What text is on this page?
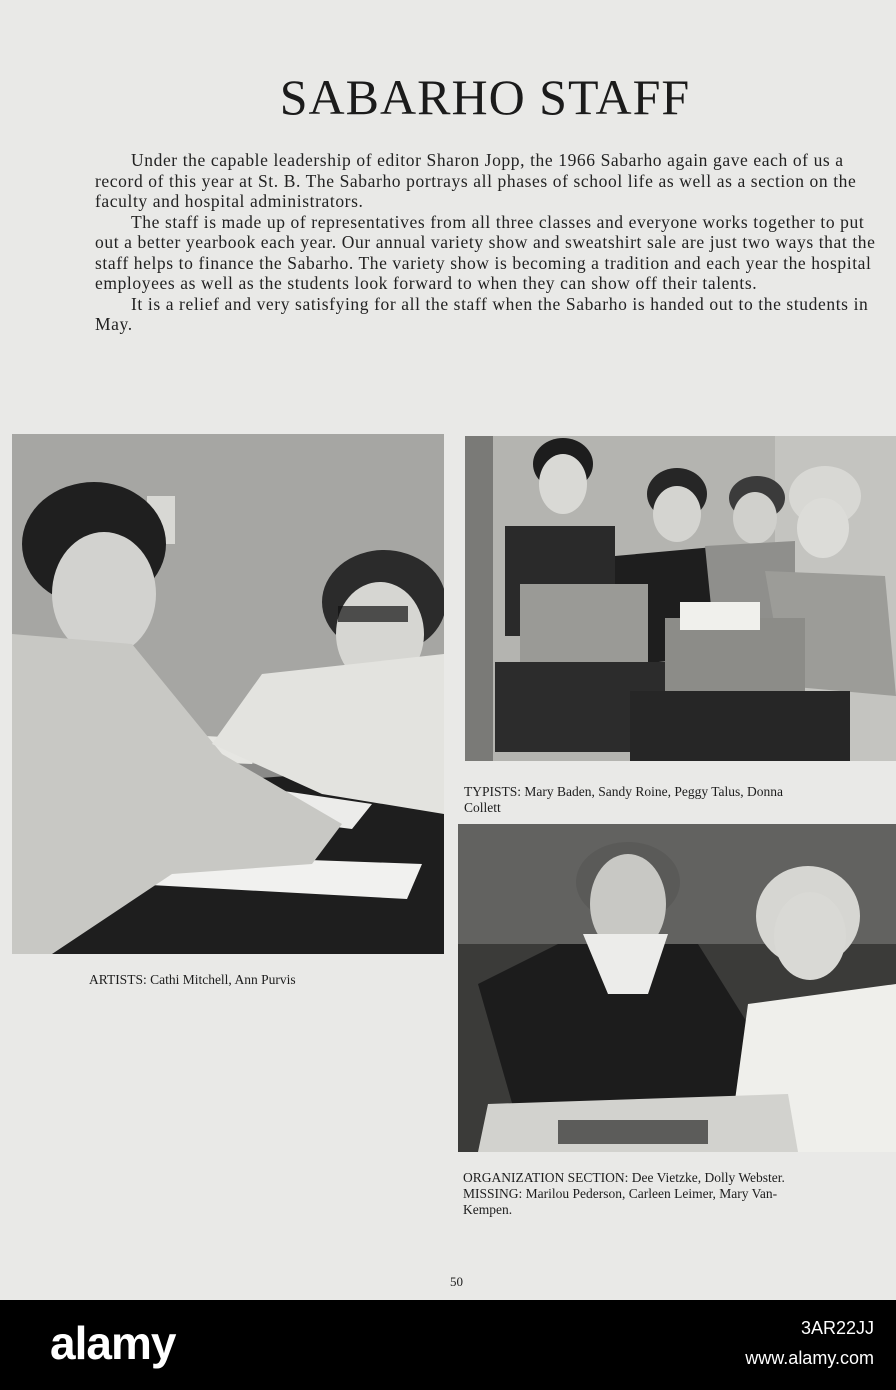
SABARHO STAFF

Under the capable leadership of editor Sharon Jopp, the 1966 Sabarho again gave each of us a record of this year at St. B. The Sabarho portrays all phases of school life as well as a section on the faculty and hospital administrators.

The staff is made up of representatives from all three classes and everyone works together to put out a better yearbook each year. Our annual variety show and sweatshirt sale are just two ways that the staff helps to finance the Sabarho. The variety show is becoming a tradition and each year the hospital employees as well as the students look forward to when they can show off their talents.

It is a relief and very satisfying for all the staff when the Sabarho is handed out to the students in May.

ARTISTS: Cathi Mitchell, Ann Purvis

TYPISTS: Mary Baden, Sandy Roine, Peggy Talus, Donna
Collett

ORGANIZATION SECTION: Dee Vietzke, Dolly Webster.
MISSING: Marilou Pederson, Carleen Leimer, Mary Van-
Kempen.

50
alamy	3AR22JJ
www.alamy.com
